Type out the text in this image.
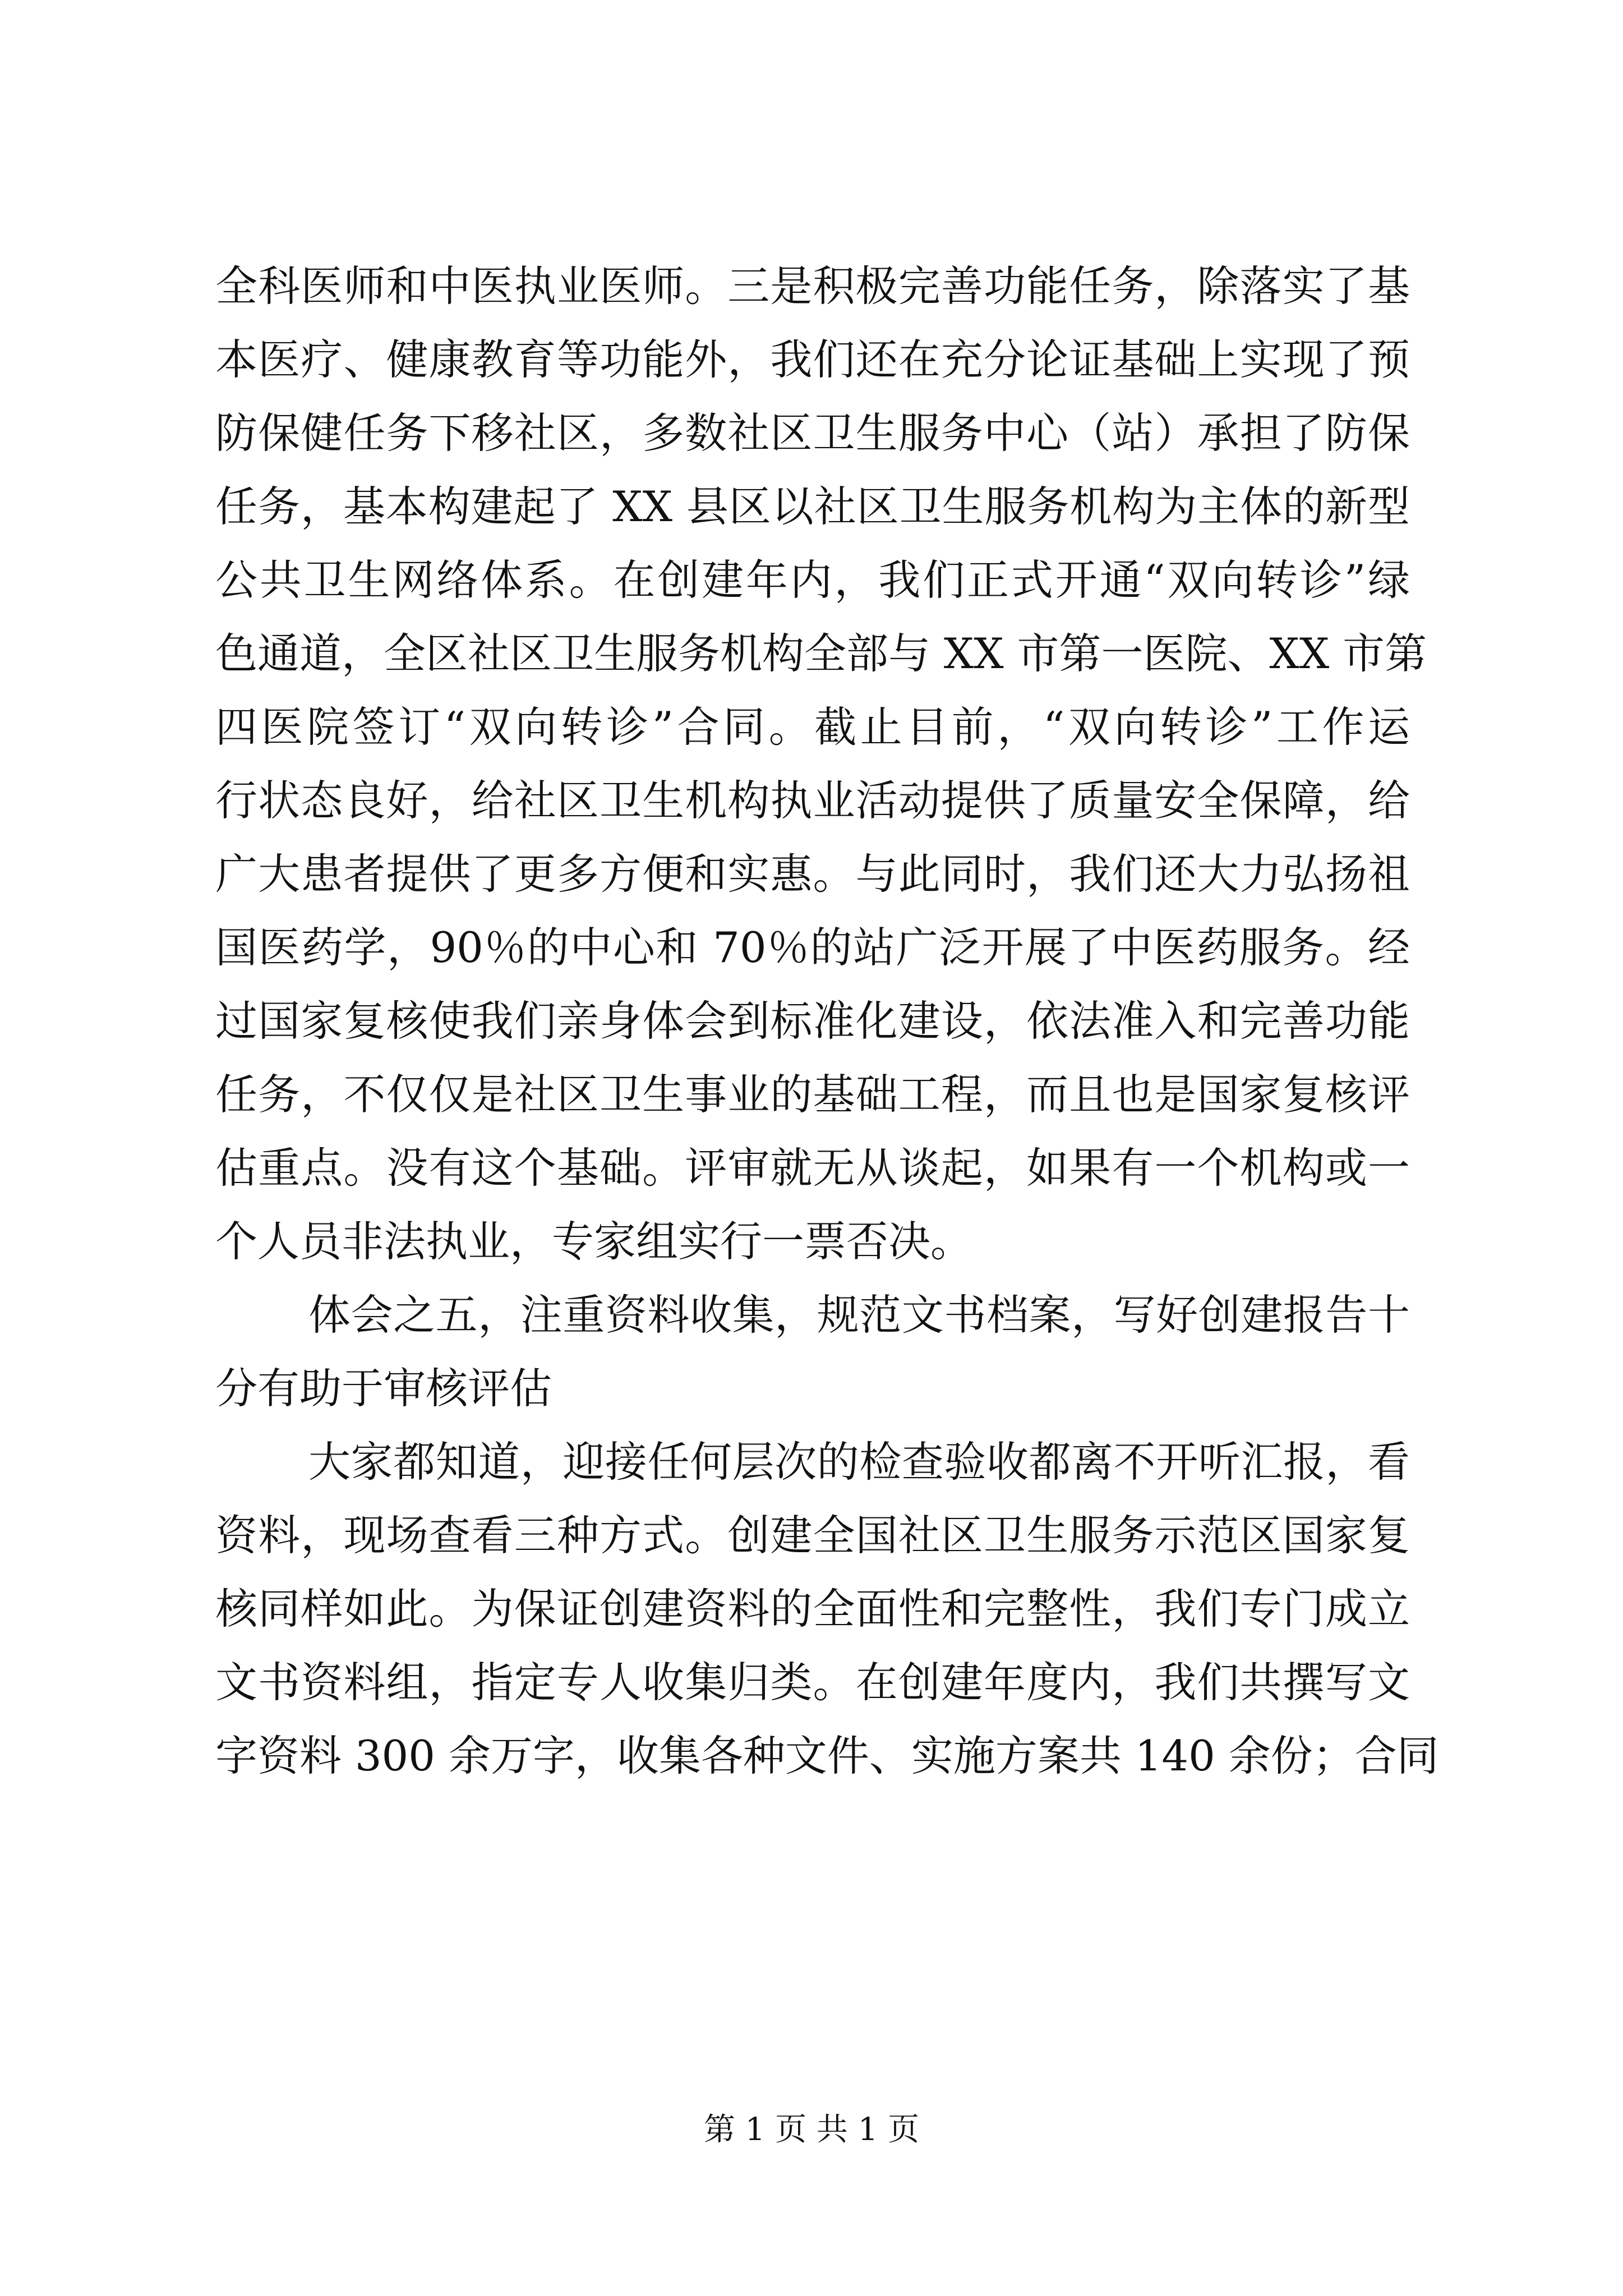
全科医师和中医执业医师。三是积极完善功能任务，除落实了基
本医疗、健康教育等功能外，我们还在充分论证基础上实现了预
防保健任务下移社区，多数社区卫生服务中心（站）承担了防保
任务，基本构建起了 XX 县区以社区卫生服务机构为主体的新型
公共卫生网络体系。在创建年内，我们正式开通“双向转诊”绿
色通道，全区社区卫生服务机构全部与 XX 市第一医院、XX 市第
四医院签订“双向转诊”合同。截止目前，“双向转诊”工作运
行状态良好，给社区卫生机构执业活动提供了质量安全保障，给
广大患者提供了更多方便和实惠。与此同时，我们还大力弘扬祖
国医药学，90％的中心和 70％的站广泛开展了中医药服务。经
过国家复核使我们亲身体会到标准化建设，依法准入和完善功能
任务，不仅仅是社区卫生事业的基础工程，而且也是国家复核评
估重点。没有这个基础。评审就无从谈起，如果有一个机构或一
个人员非法执业，专家组实行一票否决。
体会之五，注重资料收集，规范文书档案，写好创建报告十
分有助于审核评估
大家都知道，迎接任何层次的检查验收都离不开听汇报，看
资料，现场查看三种方式。创建全国社区卫生服务示范区国家复
核同样如此。为保证创建资料的全面性和完整性，我们专门成立
文书资料组，指定专人收集归类。在创建年度内，我们共撰写文
字资料 300 余万字，收集各种文件、实施方案共 140 余份；合同
第 1 页 共 1 页
